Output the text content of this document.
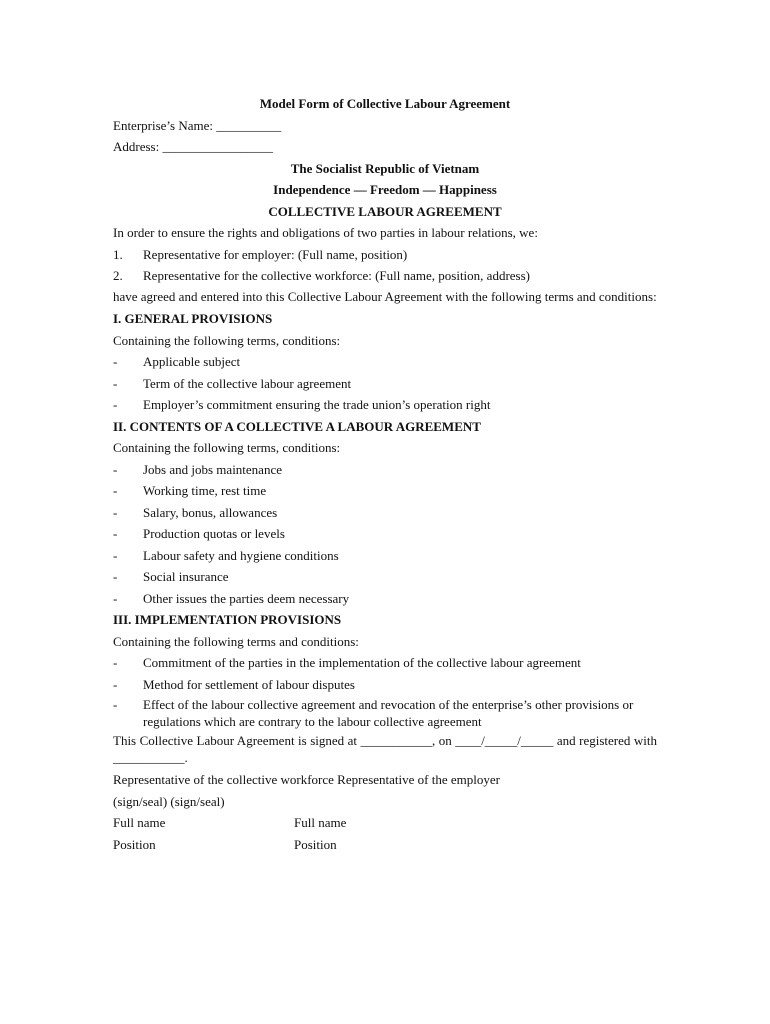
Model Form of Collective Labour Agreement
Enterprise’s Name: __________
Address: _________________
The Socialist Republic of Vietnam
Independence — Freedom — Happiness
COLLECTIVE LABOUR AGREEMENT
In order to ensure the rights and obligations of two parties in labour relations, we:
1.	Representative for employer: (Full name, position)
2.	Representative for the collective workforce: (Full name, position, address)
have agreed and entered into this Collective Labour Agreement with the following terms and conditions:
I. GENERAL PROVISIONS
Containing the following terms, conditions:
-	Applicable subject
-	Term of the collective labour agreement
-	Employer’s commitment ensuring the trade union’s operation right
II. CONTENTS OF A COLLECTIVE A LABOUR AGREEMENT
Containing the following terms, conditions:
-	Jobs and jobs maintenance
-	Working time, rest time
-	Salary, bonus, allowances
-	Production quotas or levels
-	Labour safety and hygiene conditions
-	Social insurance
-	Other issues the parties deem necessary
III. IMPLEMENTATION PROVISIONS
Containing the following terms and conditions:
-	Commitment of the parties in the implementation of the collective labour agreement
-	Method for settlement of labour disputes
-	Effect of the labour collective agreement and revocation of the enterprise’s other provisions or regulations which are contrary to the labour collective agreement
This Collective Labour Agreement is signed at ___________, on ____/_____/_____ and registered with ___________.
Representative of the collective workforce Representative of the employer
(sign/seal) (sign/seal)
Full name	Full name
Position	Position
